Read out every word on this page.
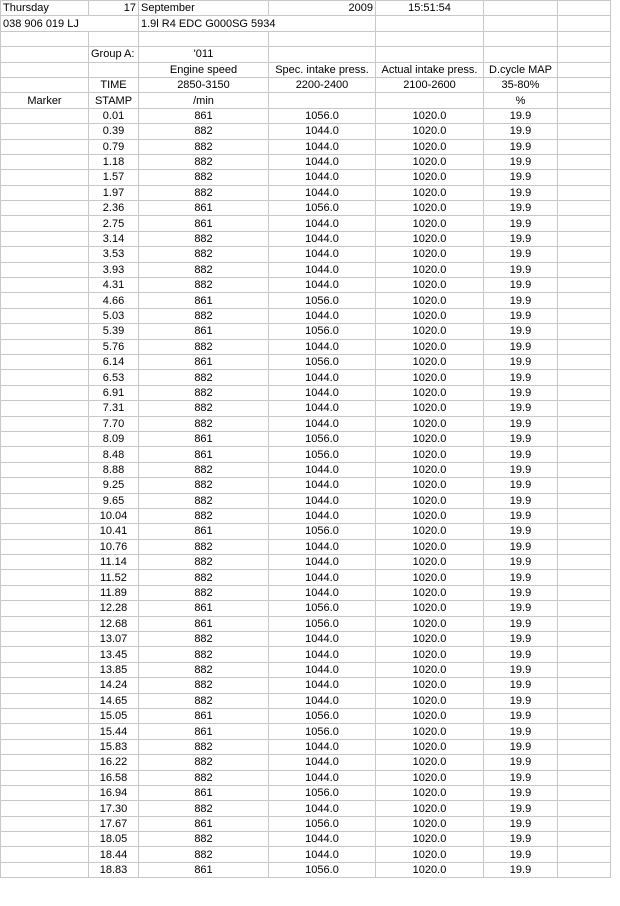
Thursday	17	September	2009	15:51:54		
038 906 019 LJ		1.9l R4 EDC G000SG 5934				

	Group A:	'011				
		Engine speed	Spec. intake press.	Actual intake press.	D.cycle MAP	
	TIME	2850-3150	2200-2400	2100-2600	35-80%	
Marker	STAMP	/min			%	
	0.01	861	1056.0	1020.0	19.9	
	0.39	882	1044.0	1020.0	19.9	
	0.79	882	1044.0	1020.0	19.9	
	1.18	882	1044.0	1020.0	19.9	
	1.57	882	1044.0	1020.0	19.9	
	1.97	882	1044.0	1020.0	19.9	
	2.36	861	1056.0	1020.0	19.9	
	2.75	861	1044.0	1020.0	19.9	
	3.14	882	1044.0	1020.0	19.9	
	3.53	882	1044.0	1020.0	19.9	
	3.93	882	1044.0	1020.0	19.9	
	4.31	882	1044.0	1020.0	19.9	
	4.66	861	1056.0	1020.0	19.9	
	5.03	882	1044.0	1020.0	19.9	
	5.39	861	1056.0	1020.0	19.9	
	5.76	882	1044.0	1020.0	19.9	
	6.14	861	1056.0	1020.0	19.9	
	6.53	882	1044.0	1020.0	19.9	
	6.91	882	1044.0	1020.0	19.9	
	7.31	882	1044.0	1020.0	19.9	
	7.70	882	1044.0	1020.0	19.9	
	8.09	861	1056.0	1020.0	19.9	
	8.48	861	1056.0	1020.0	19.9	
	8.88	882	1044.0	1020.0	19.9	
	9.25	882	1044.0	1020.0	19.9	
	9.65	882	1044.0	1020.0	19.9	
	10.04	882	1044.0	1020.0	19.9	
	10.41	861	1056.0	1020.0	19.9	
	10.76	882	1044.0	1020.0	19.9	
	11.14	882	1044.0	1020.0	19.9	
	11.52	882	1044.0	1020.0	19.9	
	11.89	882	1044.0	1020.0	19.9	
	12.28	861	1056.0	1020.0	19.9	
	12.68	861	1056.0	1020.0	19.9	
	13.07	882	1044.0	1020.0	19.9	
	13.45	882	1044.0	1020.0	19.9	
	13.85	882	1044.0	1020.0	19.9	
	14.24	882	1044.0	1020.0	19.9	
	14.65	882	1044.0	1020.0	19.9	
	15.05	861	1056.0	1020.0	19.9	
	15.44	861	1056.0	1020.0	19.9	
	15.83	882	1044.0	1020.0	19.9	
	16.22	882	1044.0	1020.0	19.9	
	16.58	882	1044.0	1020.0	19.9	
	16.94	861	1056.0	1020.0	19.9	
	17.30	882	1044.0	1020.0	19.9	
	17.67	861	1056.0	1020.0	19.9	
	18.05	882	1044.0	1020.0	19.9	
	18.44	882	1044.0	1020.0	19.9	
	18.83	861	1056.0	1020.0	19.9	
